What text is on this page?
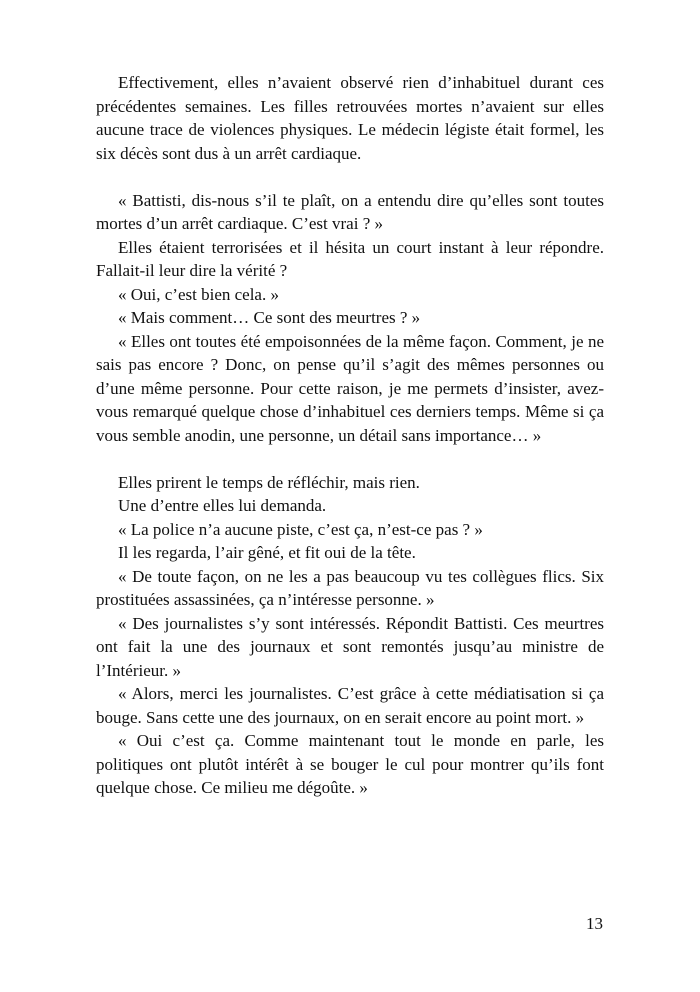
Effectivement, elles n’avaient observé rien d’inhabituel durant ces précédentes semaines. Les filles retrouvées mortes n’avaient sur elles aucune trace de violences physiques. Le médecin légiste était formel, les six décès sont dus à un arrêt cardiaque.

« Battisti, dis-nous s’il te plaît, on a entendu dire qu’elles sont toutes mortes d’un arrêt cardiaque. C’est vrai ? »

Elles étaient terrorisées et il hésita un court instant à leur répondre. Fallait-il leur dire la vérité ?

« Oui, c’est bien cela. »

« Mais comment… Ce sont des meurtres ? »

« Elles ont toutes été empoisonnées de la même façon. Comment, je ne sais pas encore ? Donc, on pense qu’il s’agit des mêmes personnes ou d’une même personne. Pour cette raison, je me permets d’insister, avez-vous remarqué quelque chose d’inhabituel ces derniers temps. Même si ça vous semble anodin, une personne, un détail sans importance… »

Elles prirent le temps de réfléchir, mais rien.

Une d’entre elles lui demanda.

« La police n’a aucune piste, c’est ça, n’est-ce pas ? »

Il les regarda, l’air gêné, et fit oui de la tête.

« De toute façon, on ne les a pas beaucoup vu tes collègues flics. Six prostituées assassinées, ça n’intéresse personne. »

« Des journalistes s’y sont intéressés. Répondit Battisti. Ces meurtres ont fait la une des journaux et sont remontés jusqu’au ministre de l’Intérieur. »

« Alors, merci les journalistes. C’est grâce à cette médiatisation si ça bouge. Sans cette une des journaux, on en serait encore au point mort. »

« Oui c’est ça. Comme maintenant tout le monde en parle, les politiques ont plutôt intérêt à se bouger le cul pour montrer qu’ils font quelque chose. Ce milieu me dégoûte. »

13
